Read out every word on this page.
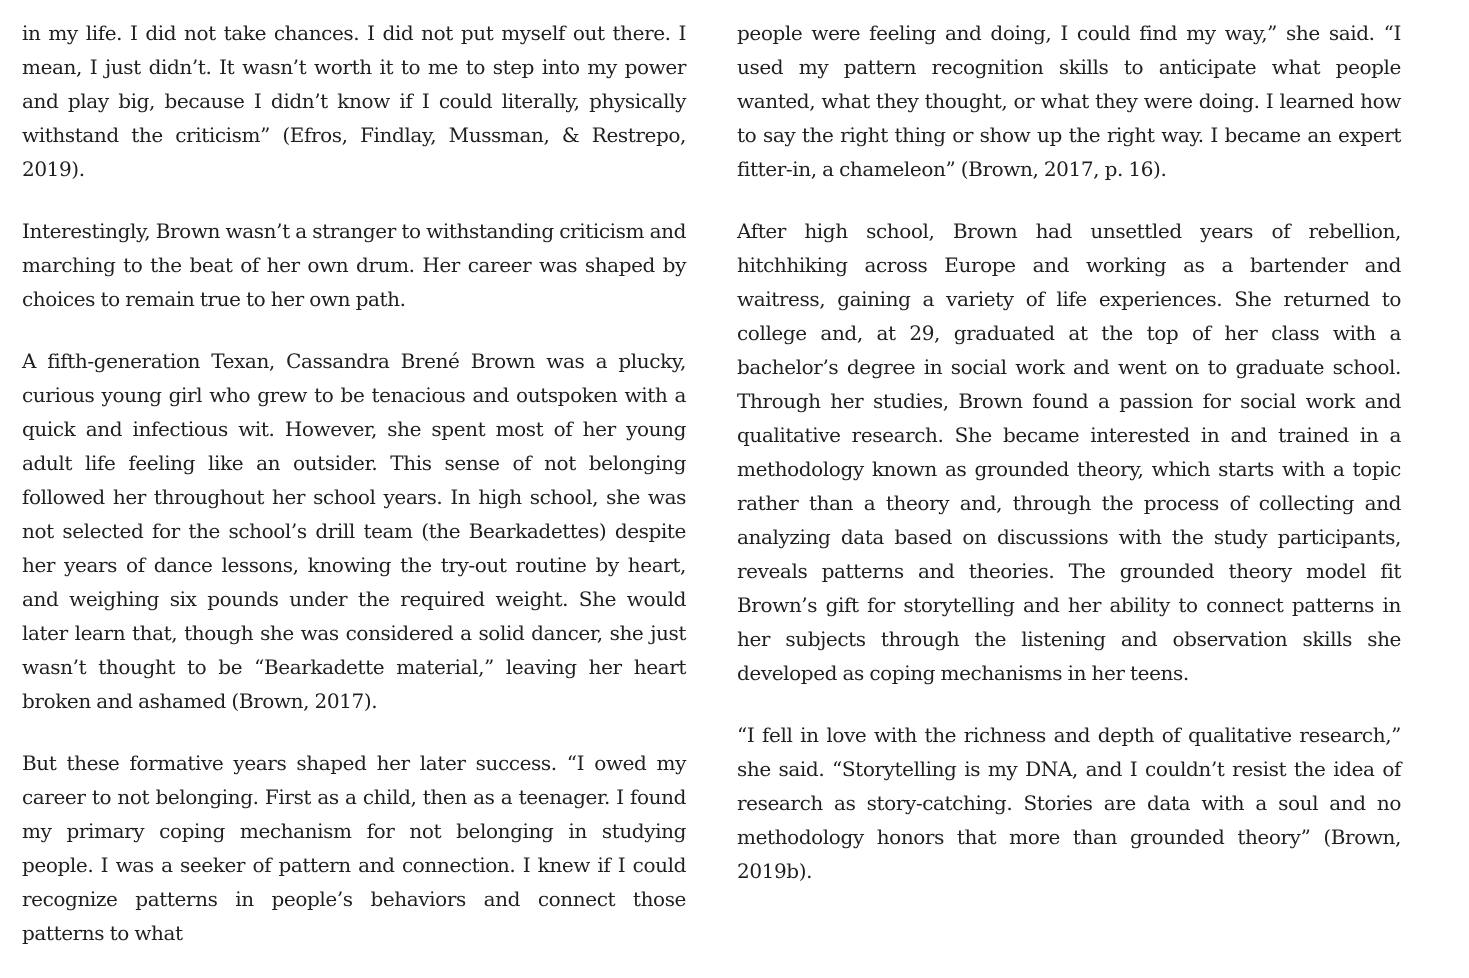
in my life. I did not take chances. I did not put myself out there. I mean, I just didn’t. It wasn’t worth it to me to step into my power and play big, because I didn’t know if I could literally, physically withstand the criticism” (Efros, Findlay, Mussman, & Restrepo, 2019).

Interestingly, Brown wasn’t a stranger to withstanding criticism and marching to the beat of her own drum. Her career was shaped by choices to remain true to her own path.

A fifth-generation Texan, Cassandra Brené Brown was a plucky, curious young girl who grew to be tenacious and outspoken with a quick and infectious wit. However, she spent most of her young adult life feeling like an outsider. This sense of not belonging followed her throughout her school years. In high school, she was not selected for the school’s drill team (the Bearkadettes) despite her years of dance lessons, knowing the try-out routine by heart, and weighing six pounds under the required weight. She would later learn that, though she was considered a solid dancer, she just wasn’t thought to be “Bearkadette material,” leaving her heart broken and ashamed (Brown, 2017).

But these formative years shaped her later success. “I owed my career to not belonging. First as a child, then as a teenager. I found my primary coping mechanism for not belonging in studying people. I was a seeker of pattern and connection. I knew if I could recognize patterns in people’s behaviors and connect those patterns to what

people were feeling and doing, I could find my way,” she said. “I used my pattern recognition skills to anticipate what people wanted, what they thought, or what they were doing. I learned how to say the right thing or show up the right way. I became an expert fitter-in, a chameleon” (Brown, 2017, p. 16).

After high school, Brown had unsettled years of rebellion, hitchhiking across Europe and working as a bartender and waitress, gaining a variety of life experiences. She returned to college and, at 29, graduated at the top of her class with a bachelor’s degree in social work and went on to graduate school. Through her studies, Brown found a passion for social work and qualitative research. She became interested in and trained in a methodology known as grounded theory, which starts with a topic rather than a theory and, through the process of collecting and analyzing data based on discussions with the study participants, reveals patterns and theories. The grounded theory model fit Brown’s gift for storytelling and her ability to connect patterns in her subjects through the listening and observation skills she developed as coping mechanisms in her teens.

“I fell in love with the richness and depth of qualitative research,” she said. “Storytelling is my DNA, and I couldn’t resist the idea of research as story-catching. Stories are data with a soul and no methodology honors that more than grounded theory” (Brown, 2019b).
